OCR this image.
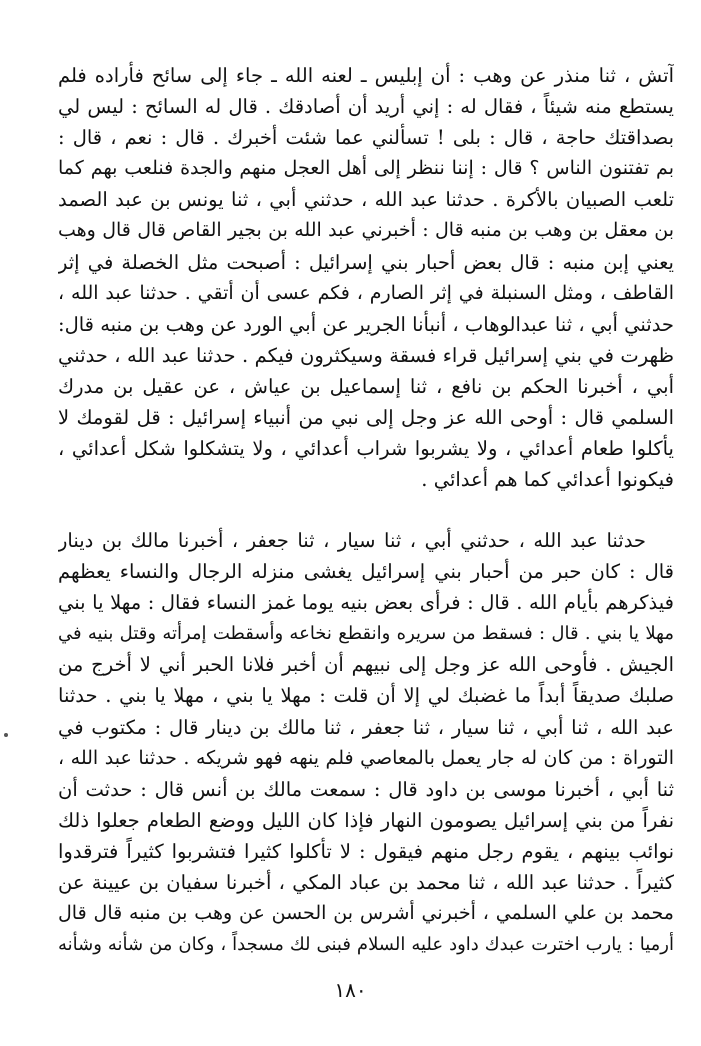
آتش ، ثنا منذر عن وهب : أن إبليس ـ لعنه الله ـ جاء إلى سائح فأراده فلم
يستطع منه شيئاً ، فقال له : إني أريد أن أصادقك . قال له السائح : ليس لي
بصداقتك حاجة ، قال : بلى ! تسألني عما شئت أخبرك . قال : نعم ، قال :
بم تفتنون الناس ؟ قال : إننا ننظر إلى أهل العجل منهم والجدة فنلعب بهم كما
تلعب الصبيان بالأكرة . حدثنا عبد الله ، حدثني أبي ، ثنا يونس بن عبد الصمد
بن معقل بن وهب بن منبه قال : أخبرني عبد الله بن بجير القاص قال قال وهب
يعني إبن منبه : قال بعض أحبار بني إسرائيل : أصبحت مثل الخصلة في إثر
القاطف ، ومثل السنبلة في إثر الصارم ، فكم عسى أن أتقي . حدثنا عبد الله ،
حدثني أبي ، ثنا عبدالوهاب ، أنبأنا الجرير عن أبي الورد عن وهب بن منبه قال:
ظهرت في بني إسرائيل قراء فسقة وسيكثرون فيكم . حدثنا عبد الله ، حدثني
أبي ، أخبرنا الحكم بن نافع ، ثنا إسماعيل بن عياش ، عن عقيل بن مدرك
السلمي قال : أوحى الله عز وجل إلى نبي من أنبياء إسرائيل : قل لقومك لا
يأكلوا طعام أعدائي ، ولا يشربوا شراب أعدائي ، ولا يتشكلوا شكل أعدائي ،
فيكونوا أعدائي كما هم أعدائي .
حدثنا عبد الله ، حدثني أبي ، ثنا سيار ، ثنا جعفر ، أخبرنا مالك بن دينار
قال : كان حبر من أحبار بني إسرائيل يغشى منزله الرجال والنساء يعظهم
فيذكرهم بأيام الله . قال : فرأى بعض بنيه يوما غمز النساء فقال : مهلا يا بني
مهلا يا بني . قال : فسقط من سريره وانقطع نخاعه وأسقطت إمرأته وقتل بنيه في
الجيش . فأوحى الله عز وجل إلى نبيهم أن أخبر فلانا الحبر أني لا أخرج من
صلبك صديقاً أبداً ما غضبك لي إلا أن قلت : مهلا يا بني ، مهلا يا بني . حدثنا
عبد الله ، ثنا أبي ، ثنا سيار ، ثنا جعفر ، ثنا مالك بن دينار قال : مكتوب في
التوراة : من كان له جار يعمل بالمعاصي فلم ينهه فهو شريكه . حدثنا عبد الله ،
ثنا أبي ، أخبرنا موسى بن داود قال : سمعت مالك بن أنس قال : حدثت أن
نفراً من بني إسرائيل يصومون النهار فإذا كان الليل ووضع الطعام جعلوا ذلك
نوائب بينهم ، يقوم رجل منهم فيقول : لا تأكلوا كثيرا فتشربوا كثيراً فترقدوا
كثيراً . حدثنا عبد الله ، ثنا محمد بن عباد المكي ، أخبرنا سفيان بن عيينة عن
محمد بن علي السلمي ، أخبرني أشرس بن الحسن عن وهب بن منبه قال قال
أرميا : يارب اخترت عبدك داود عليه السلام فبنى لك مسجداً ، وكان من شأنه وشأنه
١٨٠
